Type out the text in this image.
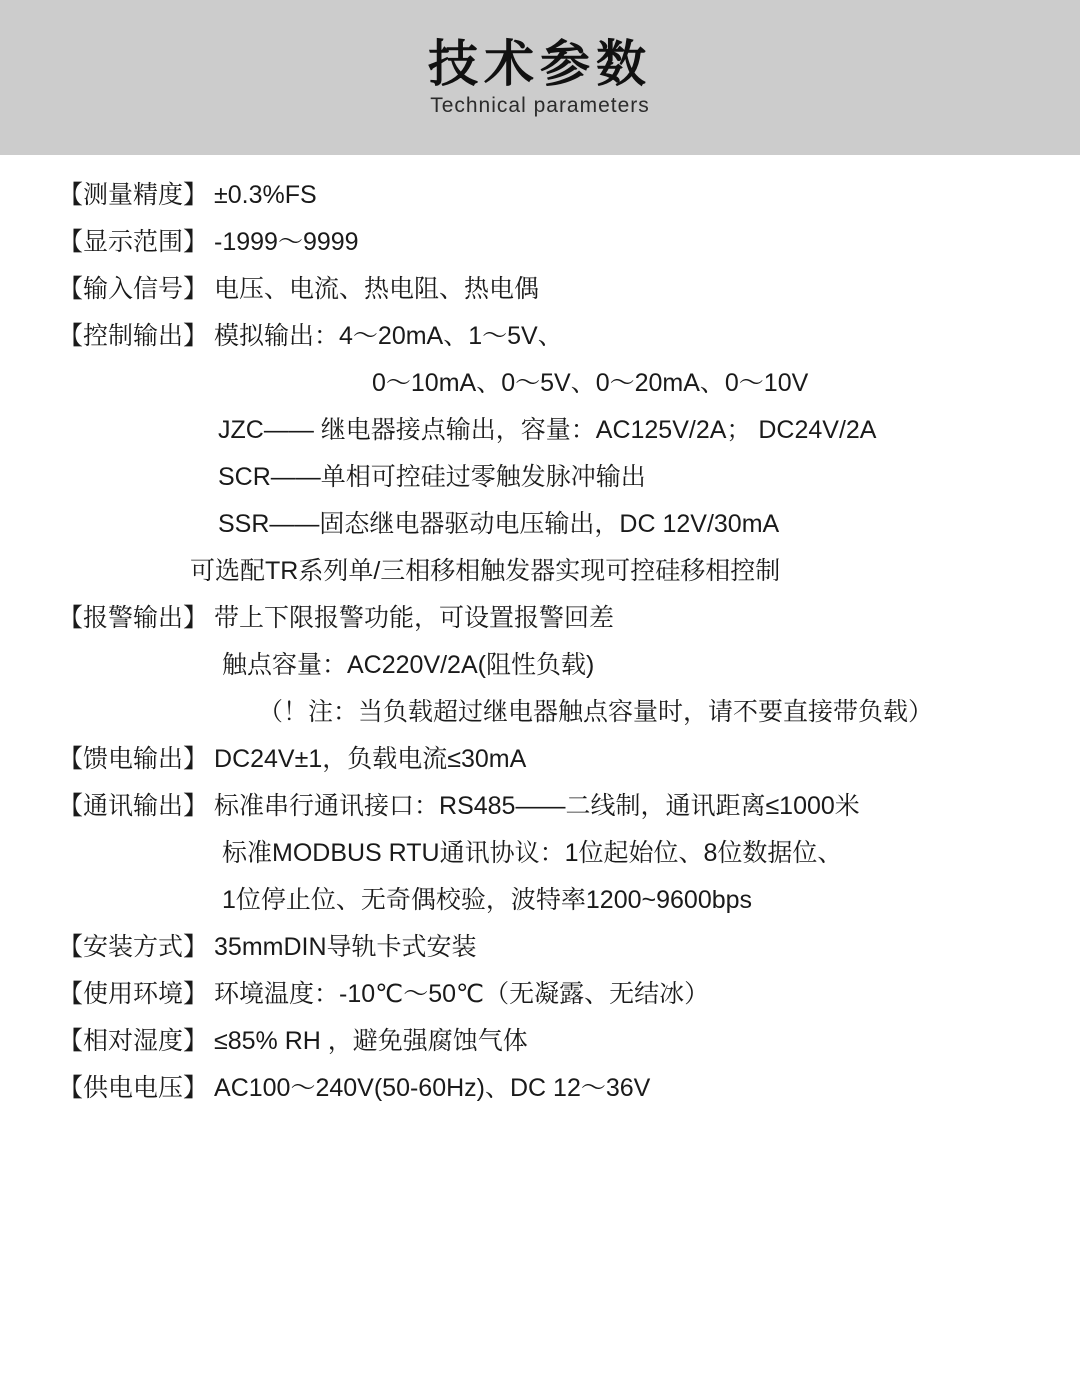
技术参数
Technical parameters
【测量精度】 ±0.3%FS
【显示范围】 -1999～9999
【输入信号】 电压、电流、热电阻、热电偶
【控制输出】 模拟输出：4～20mA、1～5V、
0～10mA、0～5V、0～20mA、0～10V
JZC—— 继电器接点输出，容量：AC125V/2A； DC24V/2A
SCR——单相可控硅过零触发脉冲输出
SSR——固态继电器驱动电压输出，DC 12V/30mA
可选配TR系列单/三相移相触发器实现可控硅移相控制
【报警输出】 带上下限报警功能，可设置报警回差
触点容量：AC220V/2A(阻性负载)
（！注：当负载超过继电器触点容量时，请不要直接带负载）
【馈电输出】 DC24V±1，负载电流≤30mA
【通讯输出】 标准串行通讯接口：RS485——二线制，通讯距离≤1000米
标准MODBUS RTU通讯协议：1位起始位、8位数据位、
1位停止位、无奇偶校验，波特率1200~9600bps
【安装方式】 35mmDIN导轨卡式安装
【使用环境】 环境温度：-10℃～50℃（无凝露、无结冰）
【相对湿度】 ≤85% RH ，避免强腐蚀气体
【供电电压】 AC100～240V(50-60Hz)、DC 12～36V
